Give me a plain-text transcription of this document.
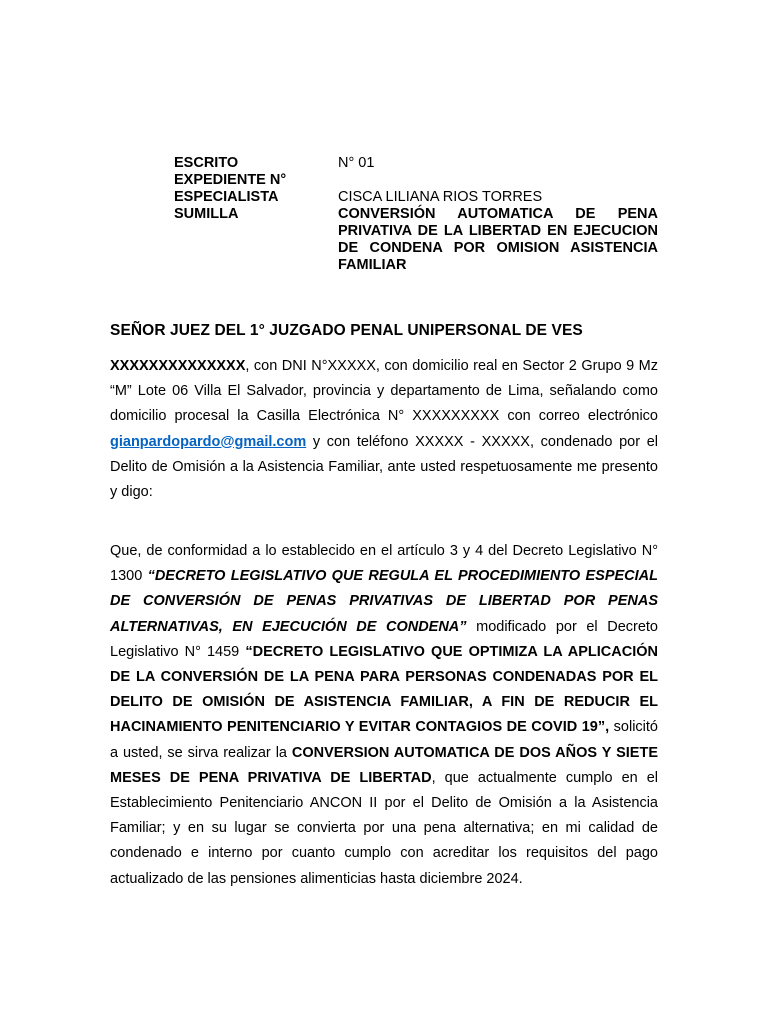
ESCRITO	N° 01
EXPEDIENTE N°
ESPECIALISTA	CISCA LILIANA RIOS TORRES
SUMILLA	CONVERSIÓN AUTOMATICA DE PENA PRIVATIVA DE LA LIBERTAD EN EJECUCION DE CONDENA POR OMISION ASISTENCIA FAMILIAR
SEÑOR JUEZ DEL 1° JUZGADO PENAL UNIPERSONAL DE VES
XXXXXXXXXXXXXX, con DNI N°XXXXX, con domicilio real en Sector 2 Grupo 9 Mz “M” Lote 06 Villa El Salvador, provincia y departamento de Lima, señalando como domicilio procesal la Casilla Electrónica N° XXXXXXXXX con correo electrónico gianpardopardo@gmail.com y con teléfono XXXXX - XXXXX, condenado por el Delito de Omisión a la Asistencia Familiar, ante usted respetuosamente me presento y digo:
Que, de conformidad a lo establecido en el artículo 3 y 4 del Decreto Legislativo N° 1300 “DECRETO LEGISLATIVO QUE REGULA EL PROCEDIMIENTO ESPECIAL DE CONVERSIÓN DE PENAS PRIVATIVAS DE LIBERTAD POR PENAS ALTERNATIVAS, EN EJECUCIÓN DE CONDENA” modificado por el Decreto Legislativo N° 1459 “DECRETO LEGISLATIVO QUE OPTIMIZA LA APLICACIÓN DE LA CONVERSIÓN DE LA PENA PARA PERSONAS CONDENADAS POR EL DELITO DE OMISIÓN DE ASISTENCIA FAMILIAR, A FIN DE REDUCIR EL HACINAMIENTO PENITENCIARIO Y EVITAR CONTAGIOS DE COVID 19”, solicitó a usted, se sirva realizar la CONVERSION AUTOMATICA DE DOS AÑOS Y SIETE MESES DE PENA PRIVATIVA DE LIBERTAD, que actualmente cumplo en el Establecimiento Penitenciario ANCON II por el Delito de Omisión a la Asistencia Familiar; y en su lugar se convierta por una pena alternativa; en mi calidad de condenado e interno por cuanto cumplo con acreditar los requisitos del pago actualizado de las pensiones alimenticias hasta diciembre 2024.
